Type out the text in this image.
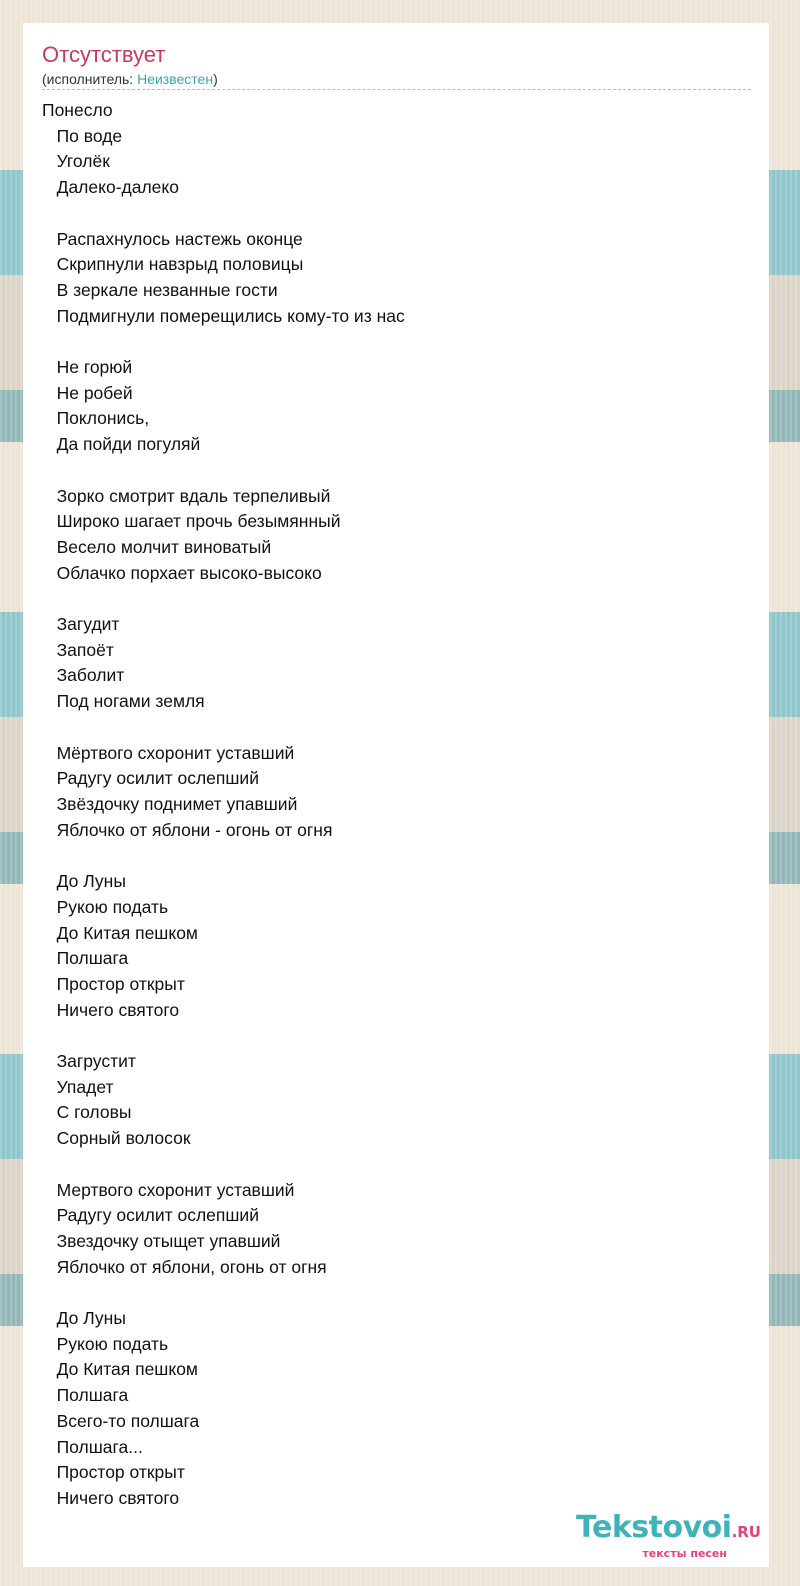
Отсутствует
(исполнитель: Неизвестен)
Понесло
По воде
Уголёк
Далеко-далеко

Распахнулось настежь оконце
Скрипнули навзрыд половицы
В зеркале незванные гости
Подмигнули померещились кому-то из нас

Не горюй
Не робей
Поклонись,
Да пойди погуляй

Зорко смотрит вдаль терпеливый
Широко шагает прочь безымянный
Весело молчит виноватый
Облачко порхает высоко-высоко

Загудит
Запоёт
Заболит
Под ногами земля

Мёртвого схоронит уставший
Радугу осилит ослепший
Звёздочку поднимет упавший
Яблочко от яблони - огонь от огня

До Луны
Рукою подать
До Китая пешком
Полшага
Простор открыт
Ничего святого

Загрустит
Упадет
С головы
Сорный волосок

Мертвого схоронит уставший
Радугу осилит ослепший
Звездочку отыщет упавший
Яблочко от яблони, огонь от огня

До Луны
Рукою подать
До Китая пешком
Полшага
Всего-то полшага
Полшага...
Простор открыт
Ничего святого
Tekstovoi.RU
тексты песен
